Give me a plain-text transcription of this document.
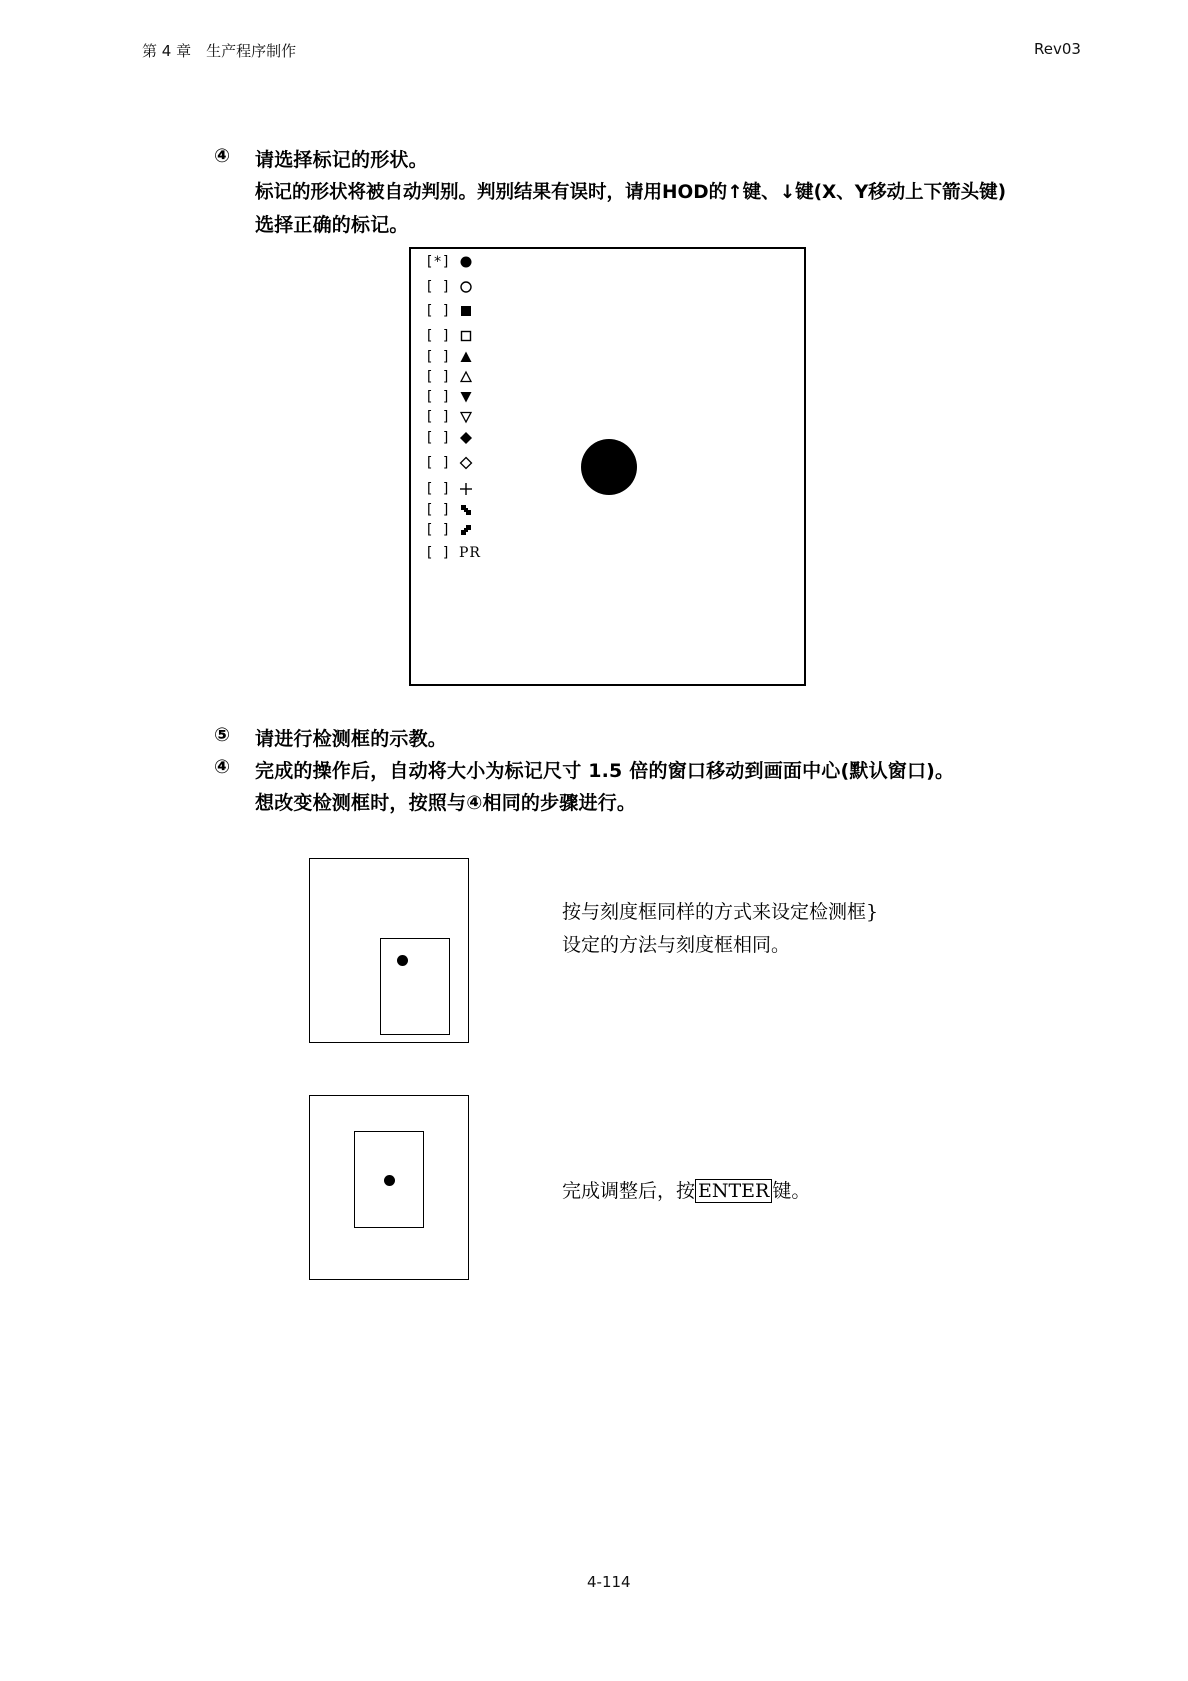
第 4 章　生产程序制作	Rev03
④ 请选择标记的形状。
标记的形状将被自动判别。判别结果有误时，请用HOD的↑键、↓键(X、Y移动上下箭头键)
选择正确的标记。
[*]
[ ]
[ ]
[ ]
[ ]
[ ]
[ ]
[ ]
[ ]
[ ]
[ ]
[ ]
[ ]
[ ] PR
⑤ 请进行检测框的示教。
④ 完成的操作后，自动将大小为标记尺寸 1.5 倍的窗口移动到画面中心(默认窗口)。
想改变检测框时，按照与④相同的步骤进行。
按与刻度框同样的方式来设定检测框}
设定的方法与刻度框相同。
完成调整后，按 ENTER 键。
4-114
